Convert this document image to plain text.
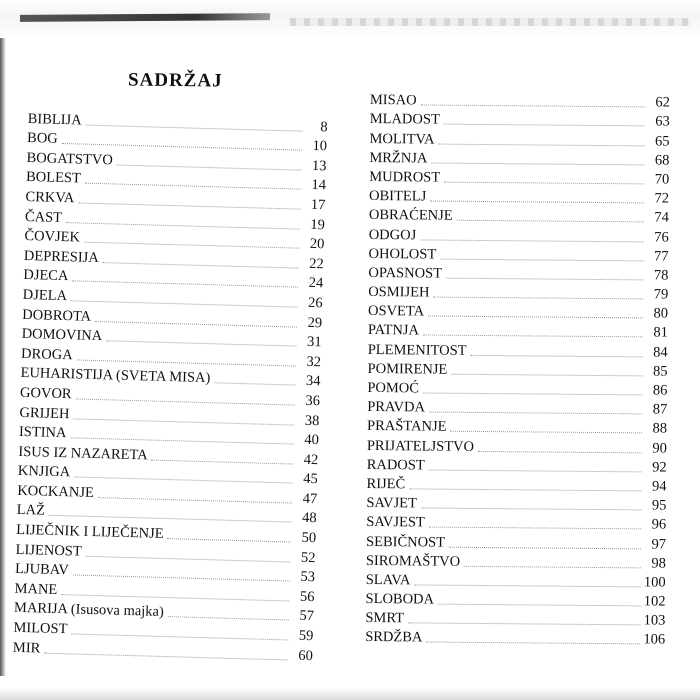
SADRŽAJ
BIBLIJA	8
BOG	10
BOGATSTVO	13
BOLEST	14
CRKVA	17
ČAST	19
ČOVJEK	20
DEPRESIJA	22
DJECA	24
DJELA	26
DOBROTA	29
DOMOVINA	31
DROGA	32
EUHARISTIJA (SVETA MISA)	34
GOVOR	36
GRIJEH	38
ISTINA	40
ISUS IZ NAZARETA	42
KNJIGA	45
KOCKANJE	47
LAŽ	48
LIJEČNIK I LIJEČENJE	50
LIJENOST	52
LJUBAV	53
MANE	56
MARIJA (Isusova majka)	57
MILOST	59
MIR	60
MISAO	62
MLADOST	63
MOLITVA	65
MRŽNJA	68
MUDROST	70
OBITELJ	72
OBRAĆENJE	74
ODGOJ	76
OHOLOST	77
OPASNOST	78
OSMIJEH	79
OSVETA	80
PATNJA	81
PLEMENITOST	84
POMIRENJE	85
POMOĆ	86
PRAVDA	87
PRAŠTANJE	88
PRIJATELJSTVO	90
RADOST	92
RIJEČ	94
SAVJET	95
SAVJEST	96
SEBIČNOST	97
SIROMAŠTVO	98
SLAVA	100
SLOBODA	102
SMRT	103
SRDŽBA	106
